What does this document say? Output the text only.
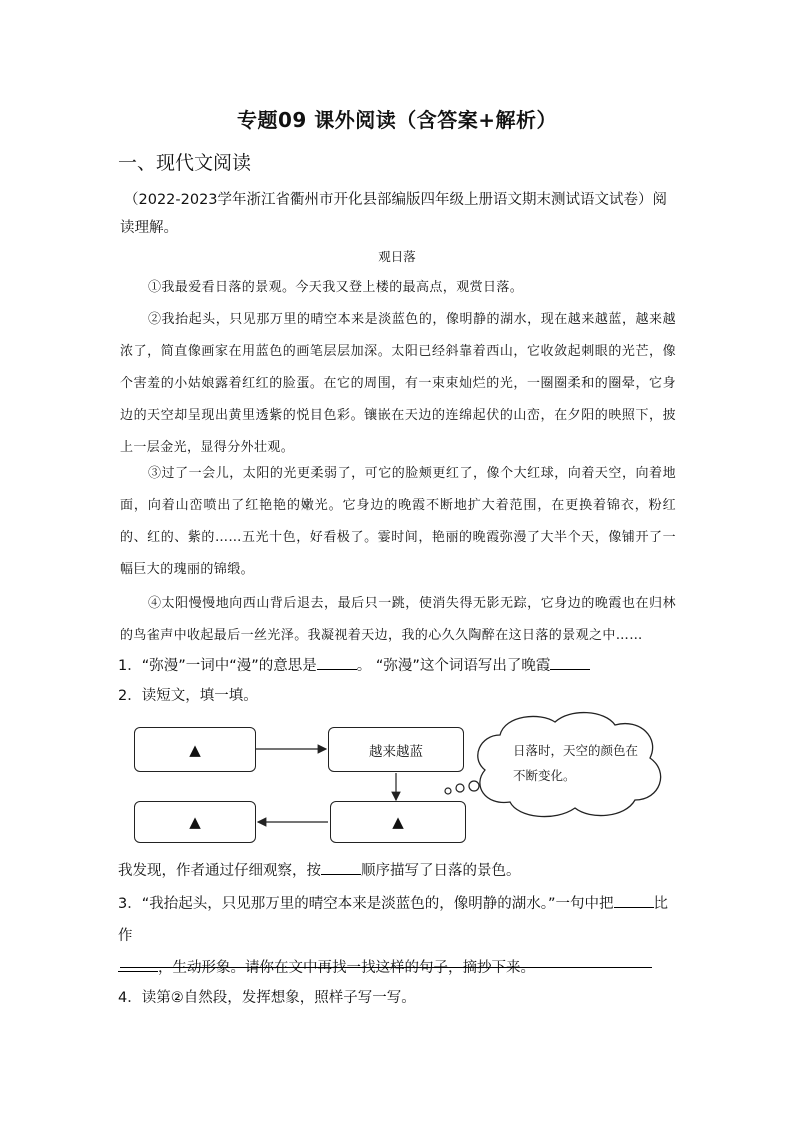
专题09 课外阅读（含答案+解析）
一、现代文阅读
（2022-2023学年浙江省衢州市开化县部编版四年级上册语文期末测试语文试卷）阅读理解。
观日落
①我最爱看日落的景观。今天我又登上楼的最高点，观赏日落。
②我抬起头，只见那万里的晴空本来是淡蓝色的，像明静的湖水，现在越来越蓝，越来越浓了，简直像画家在用蓝色的画笔层层加深。太阳已经斜靠着西山，它收敛起刺眼的光芒，像个害羞的小姑娘露着红红的脸蛋。在它的周围，有一束束灿烂的光，一圈圈柔和的圈晕，它身边的天空却呈现出黄里透紫的悦目色彩。镶嵌在天边的连绵起伏的山峦，在夕阳的映照下，披上一层金光，显得分外壮观。
③过了一会儿，太阳的光更柔弱了，可它的脸颊更红了，像个大红球，向着天空，向着地面，向着山峦喷出了红艳艳的嫩光。它身边的晚霞不断地扩大着范围，在更换着锦衣，粉红的、红的、紫的……五光十色，好看极了。霎时间，艳丽的晚霞弥漫了大半个天，像铺开了一幅巨大的瑰丽的锦缎。
④太阳慢慢地向西山背后退去，最后只一跳，使消失得无影无踪，它身边的晚霞也在归林的鸟雀声中收起最后一丝光泽。我凝视着天边，我的心久久陶醉在这日落的景观之中……
1．“弥漫”一词中“漫”的意思是	。 “弥漫”这个词语写出了晚霞
2．读短文，填一填。
▲	越来越蓝
▲	▲
日落时，天空的颜色在不断变化。
我发现，作者通过仔细观察，按	顺序描写了日落的景色。
3．“我抬起头，只见那万里的晴空本来是淡蓝色的，像明静的湖水。”一句中把	比作
，生动形象。请你在文中再找一找这样的句子，摘抄下来。
4．读第②自然段，发挥想象，照样子写一写。
